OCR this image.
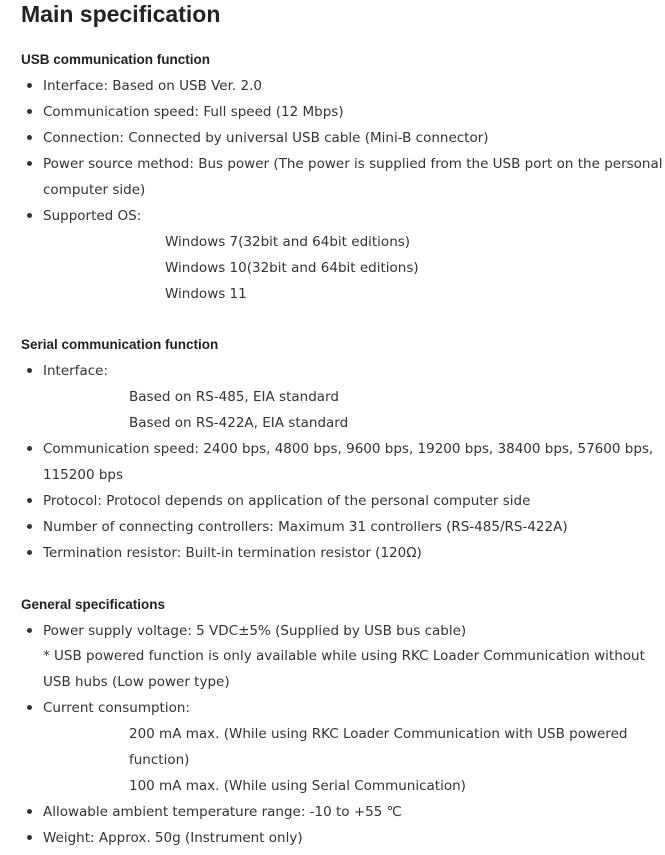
Main specification
USB communication function
Interface: Based on USB Ver. 2.0
Communication speed: Full speed (12 Mbps)
Connection: Connected by universal USB cable (Mini-B connector)
Power source method: Bus power (The power is supplied from the USB port on the personal
computer side)
Supported OS:
Windows 7(32bit and 64bit editions)
Windows 10(32bit and 64bit editions)
Windows 11
Serial communication function
Interface:
Based on RS-485, EIA standard
Based on RS-422A, EIA standard
Communication speed: 2400 bps, 4800 bps, 9600 bps, 19200 bps, 38400 bps, 57600 bps,
115200 bps
Protocol: Protocol depends on application of the personal computer side
Number of connecting controllers: Maximum 31 controllers (RS-485/RS-422A)
Termination resistor: Built-in termination resistor (120Ω)
General specifications
Power supply voltage: 5 VDC±5% (Supplied by USB bus cable)
* USB powered function is only available while using RKC Loader Communication without
USB hubs (Low power type)
Current consumption:
200 mA max. (While using RKC Loader Communication with USB powered
function)
100 mA max. (While using Serial Communication)
Allowable ambient temperature range: -10 to +55 ℃
Weight: Approx. 50g (Instrument only)
